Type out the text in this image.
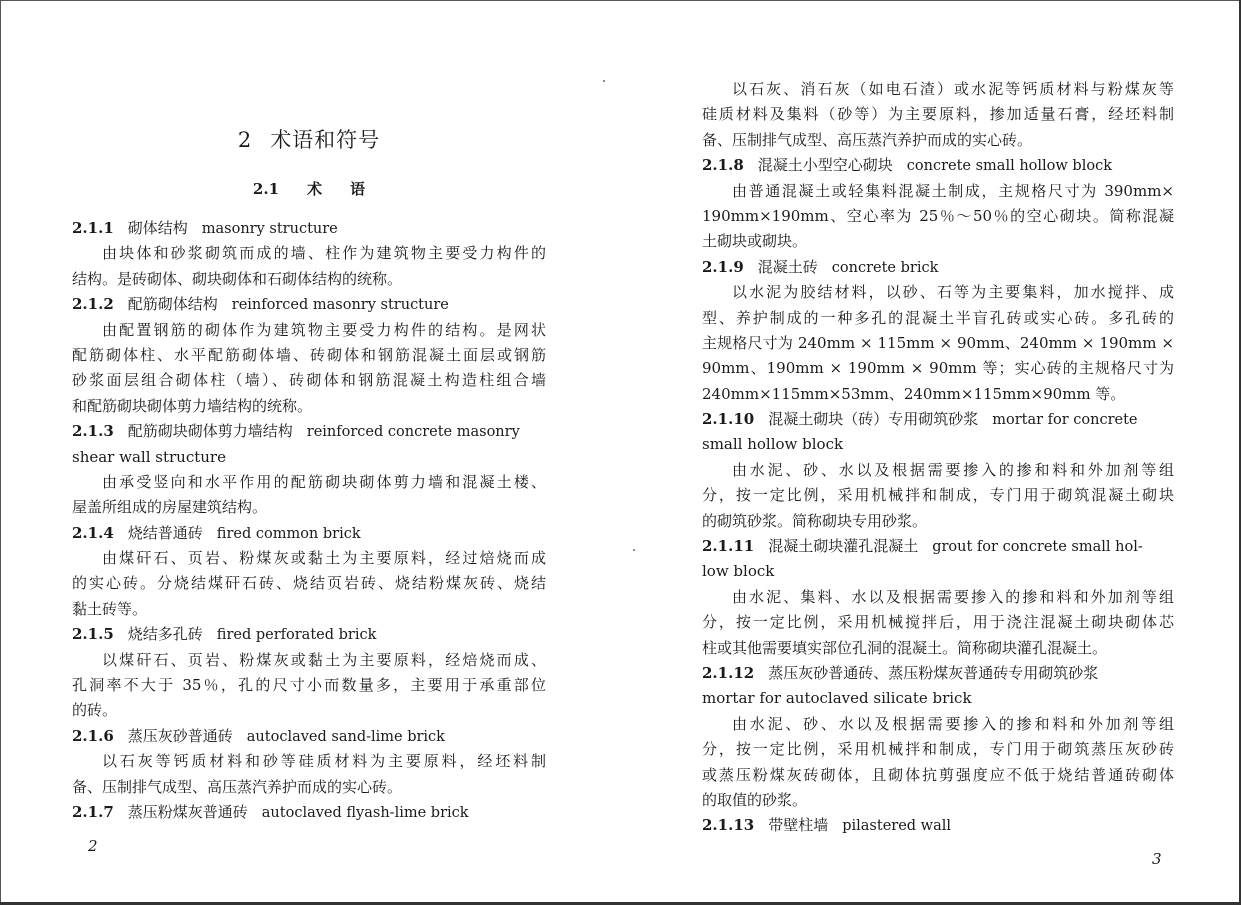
2 术语和符号
2.1 术 语
2.1.1 砌体结构 masonry structure
由块体和砂浆砌筑而成的墙、柱作为建筑物主要受力构件的
结构。是砖砌体、砌块砌体和石砌体结构的统称。
2.1.2 配筋砌体结构 reinforced masonry structure
由配置钢筋的砌体作为建筑物主要受力构件的结构。是网状
配筋砌体柱、水平配筋砌体墙、砖砌体和钢筋混凝土面层或钢筋
砂浆面层组合砌体柱（墙）、砖砌体和钢筋混凝土构造柱组合墙
和配筋砌块砌体剪力墙结构的统称。
2.1.3 配筋砌块砌体剪力墙结构 reinforced concrete masonry
shear wall structure
由承受竖向和水平作用的配筋砌块砌体剪力墙和混凝土楼、
屋盖所组成的房屋建筑结构。
2.1.4 烧结普通砖 fired common brick
由煤矸石、页岩、粉煤灰或黏土为主要原料，经过焙烧而成
的实心砖。分烧结煤矸石砖、烧结页岩砖、烧结粉煤灰砖、烧结
黏土砖等。
2.1.5 烧结多孔砖 fired perforated brick
以煤矸石、页岩、粉煤灰或黏土为主要原料，经焙烧而成、
孔洞率不大于 35％，孔的尺寸小而数量多，主要用于承重部位
的砖。
2.1.6 蒸压灰砂普通砖 autoclaved sand-lime brick
以石灰等钙质材料和砂等硅质材料为主要原料，经坯料制
备、压制排气成型、高压蒸汽养护而成的实心砖。
2.1.7 蒸压粉煤灰普通砖 autoclaved flyash-lime brick
2
以石灰、消石灰（如电石渣）或水泥等钙质材料与粉煤灰等
硅质材料及集料（砂等）为主要原料，掺加适量石膏，经坯料制
备、压制排气成型、高压蒸汽养护而成的实心砖。
2.1.8 混凝土小型空心砌块 concrete small hollow block
由普通混凝土或轻集料混凝土制成，主规格尺寸为 390mm×
190mm×190mm、空心率为 25％～50％的空心砌块。简称混凝
土砌块或砌块。
2.1.9 混凝土砖 concrete brick
以水泥为胶结材料，以砂、石等为主要集料，加水搅拌、成
型、养护制成的一种多孔的混凝土半盲孔砖或实心砖。多孔砖的
主规格尺寸为 240mm × 115mm × 90mm、240mm × 190mm ×
90mm、190mm × 190mm × 90mm 等；实心砖的主规格尺寸为
240mm×115mm×53mm、240mm×115mm×90mm 等。
2.1.10 混凝土砌块（砖）专用砌筑砂浆 mortar for concrete
small hollow block
由水泥、砂、水以及根据需要掺入的掺和料和外加剂等组
分，按一定比例，采用机械拌和制成，专门用于砌筑混凝土砌块
的砌筑砂浆。简称砌块专用砂浆。
2.1.11 混凝土砌块灌孔混凝土 grout for concrete small hol-
low block
由水泥、集料、水以及根据需要掺入的掺和料和外加剂等组
分，按一定比例，采用机械搅拌后，用于浇注混凝土砌块砌体芯
柱或其他需要填实部位孔洞的混凝土。简称砌块灌孔混凝土。
2.1.12 蒸压灰砂普通砖、蒸压粉煤灰普通砖专用砌筑砂浆
mortar for autoclaved silicate brick
由水泥、砂、水以及根据需要掺入的掺和料和外加剂等组
分，按一定比例，采用机械拌和制成，专门用于砌筑蒸压灰砂砖
或蒸压粉煤灰砖砌体，且砌体抗剪强度应不低于烧结普通砖砌体
的取值的砂浆。
2.1.13 带壁柱墙 pilastered wall
3
